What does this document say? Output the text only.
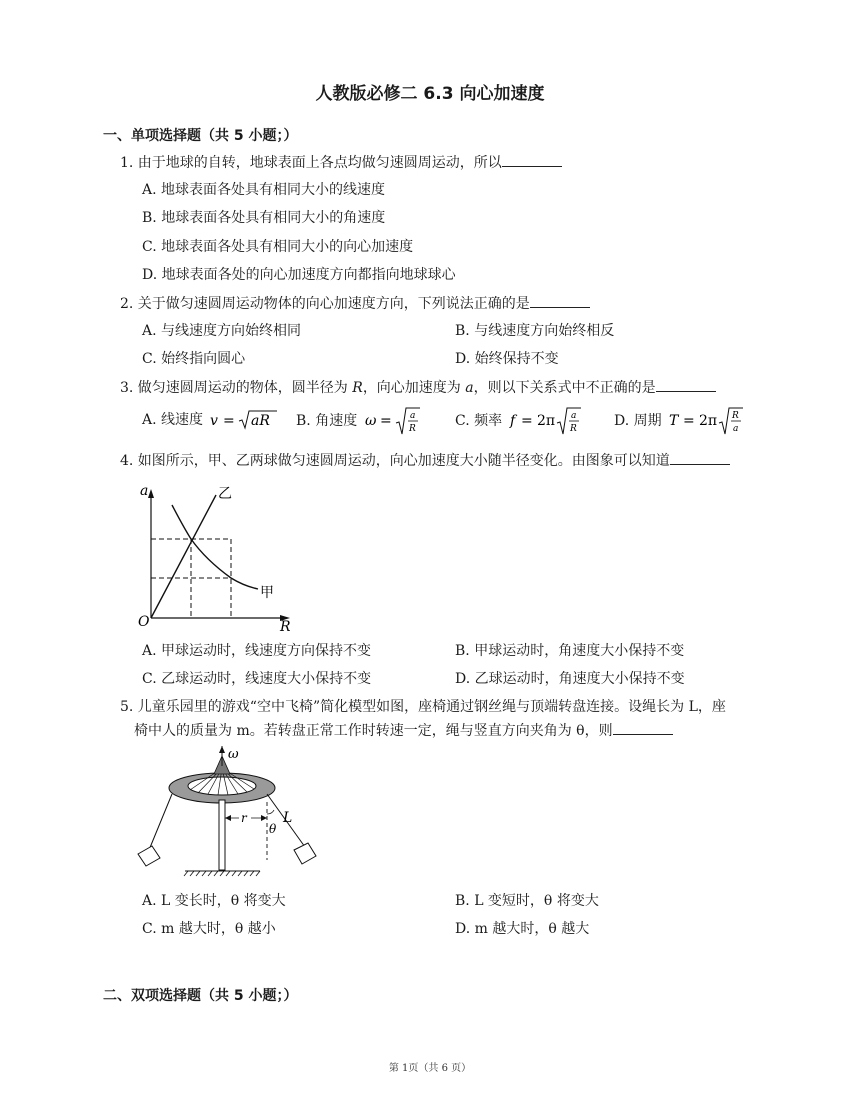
人教版必修二 6.3 向心加速度
一、单项选择题（共 5 小题；）
1. 由于地球的自转，地球表面上各点均做匀速圆周运动，所以
A. 地球表面各处具有相同大小的线速度
B. 地球表面各处具有相同大小的角速度
C. 地球表面各处具有相同大小的向心加速度
D. 地球表面各处的向心加速度方向都指向地球球心
2. 关于做匀速圆周运动物体的向心加速度方向，下列说法正确的是
A. 与线速度方向始终相同	B. 与线速度方向始终相反
C. 始终指向圆心	D. 始终保持不变
3. 做匀速圆周运动的物体，圆半径为 R，向心加速度为 a，则以下关系式中不正确的是
A. 线速度 v = aR B. 角速度 ω = a
R	C. 频率 f = 2π a
R	D. 周期 T = 2π R
a
4. 如图所示，甲、乙两球做匀速圆周运动，向心加速度大小随半径变化。由图象可以知道
a
R
O
乙
甲
A. 甲球运动时，线速度方向保持不变	B. 甲球运动时，角速度大小保持不变
C. 乙球运动时，线速度大小保持不变	D. 乙球运动时，角速度大小保持不变
5. 儿童乐园里的游戏“空中飞椅”简化模型如图，座椅通过钢丝绳与顶端转盘连接。设绳长为 L，座
椅中人的质量为 m。若转盘正常工作时转速一定，绳与竖直方向夹角为 θ，则
ω
r
θ
L
A. L 变长时，θ 将变大	B. L 变短时，θ 将变大
C. m 越大时，θ 越小	D. m 越大时，θ 越大
二、双项选择题（共 5 小题；）
第 1页（共 6 页）
